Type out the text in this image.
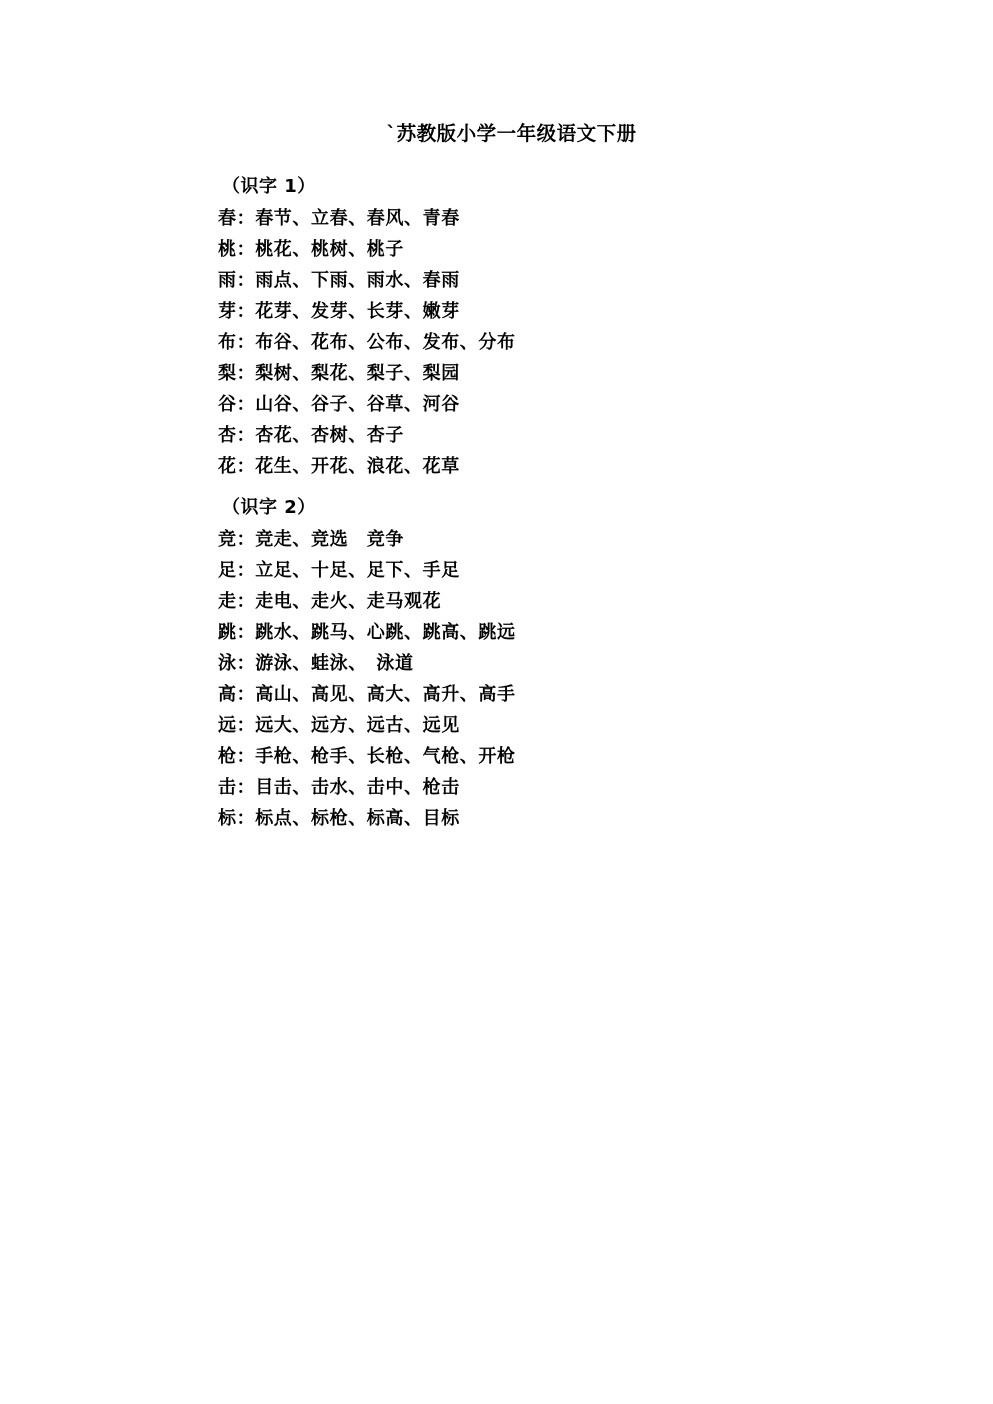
`苏教版小学一年级语文下册
（识字 1）
春：春节、立春、春风、青春
桃：桃花、桃树、桃子
雨：雨点、下雨、雨水、春雨
芽：花芽、发芽、长芽、嫩芽
布：布谷、花布、公布、发布、分布
梨：梨树、梨花、梨子、梨园
谷：山谷、谷子、谷草、河谷
杏：杏花、杏树、杏子
花：花生、开花、浪花、花草
（识字 2）
竞：竞走、竞选　竞争
足：立足、十足、足下、手足
走：走电、走火、走马观花
跳：跳水、跳马、心跳、跳高、跳远
泳：游泳、蛙泳、　泳道
高：高山、高见、高大、高升、高手
远：远大、远方、远古、远见
枪：手枪、枪手、长枪、气枪、开枪
击：目击、击水、击中、枪击
标：标点、标枪、标高、目标
